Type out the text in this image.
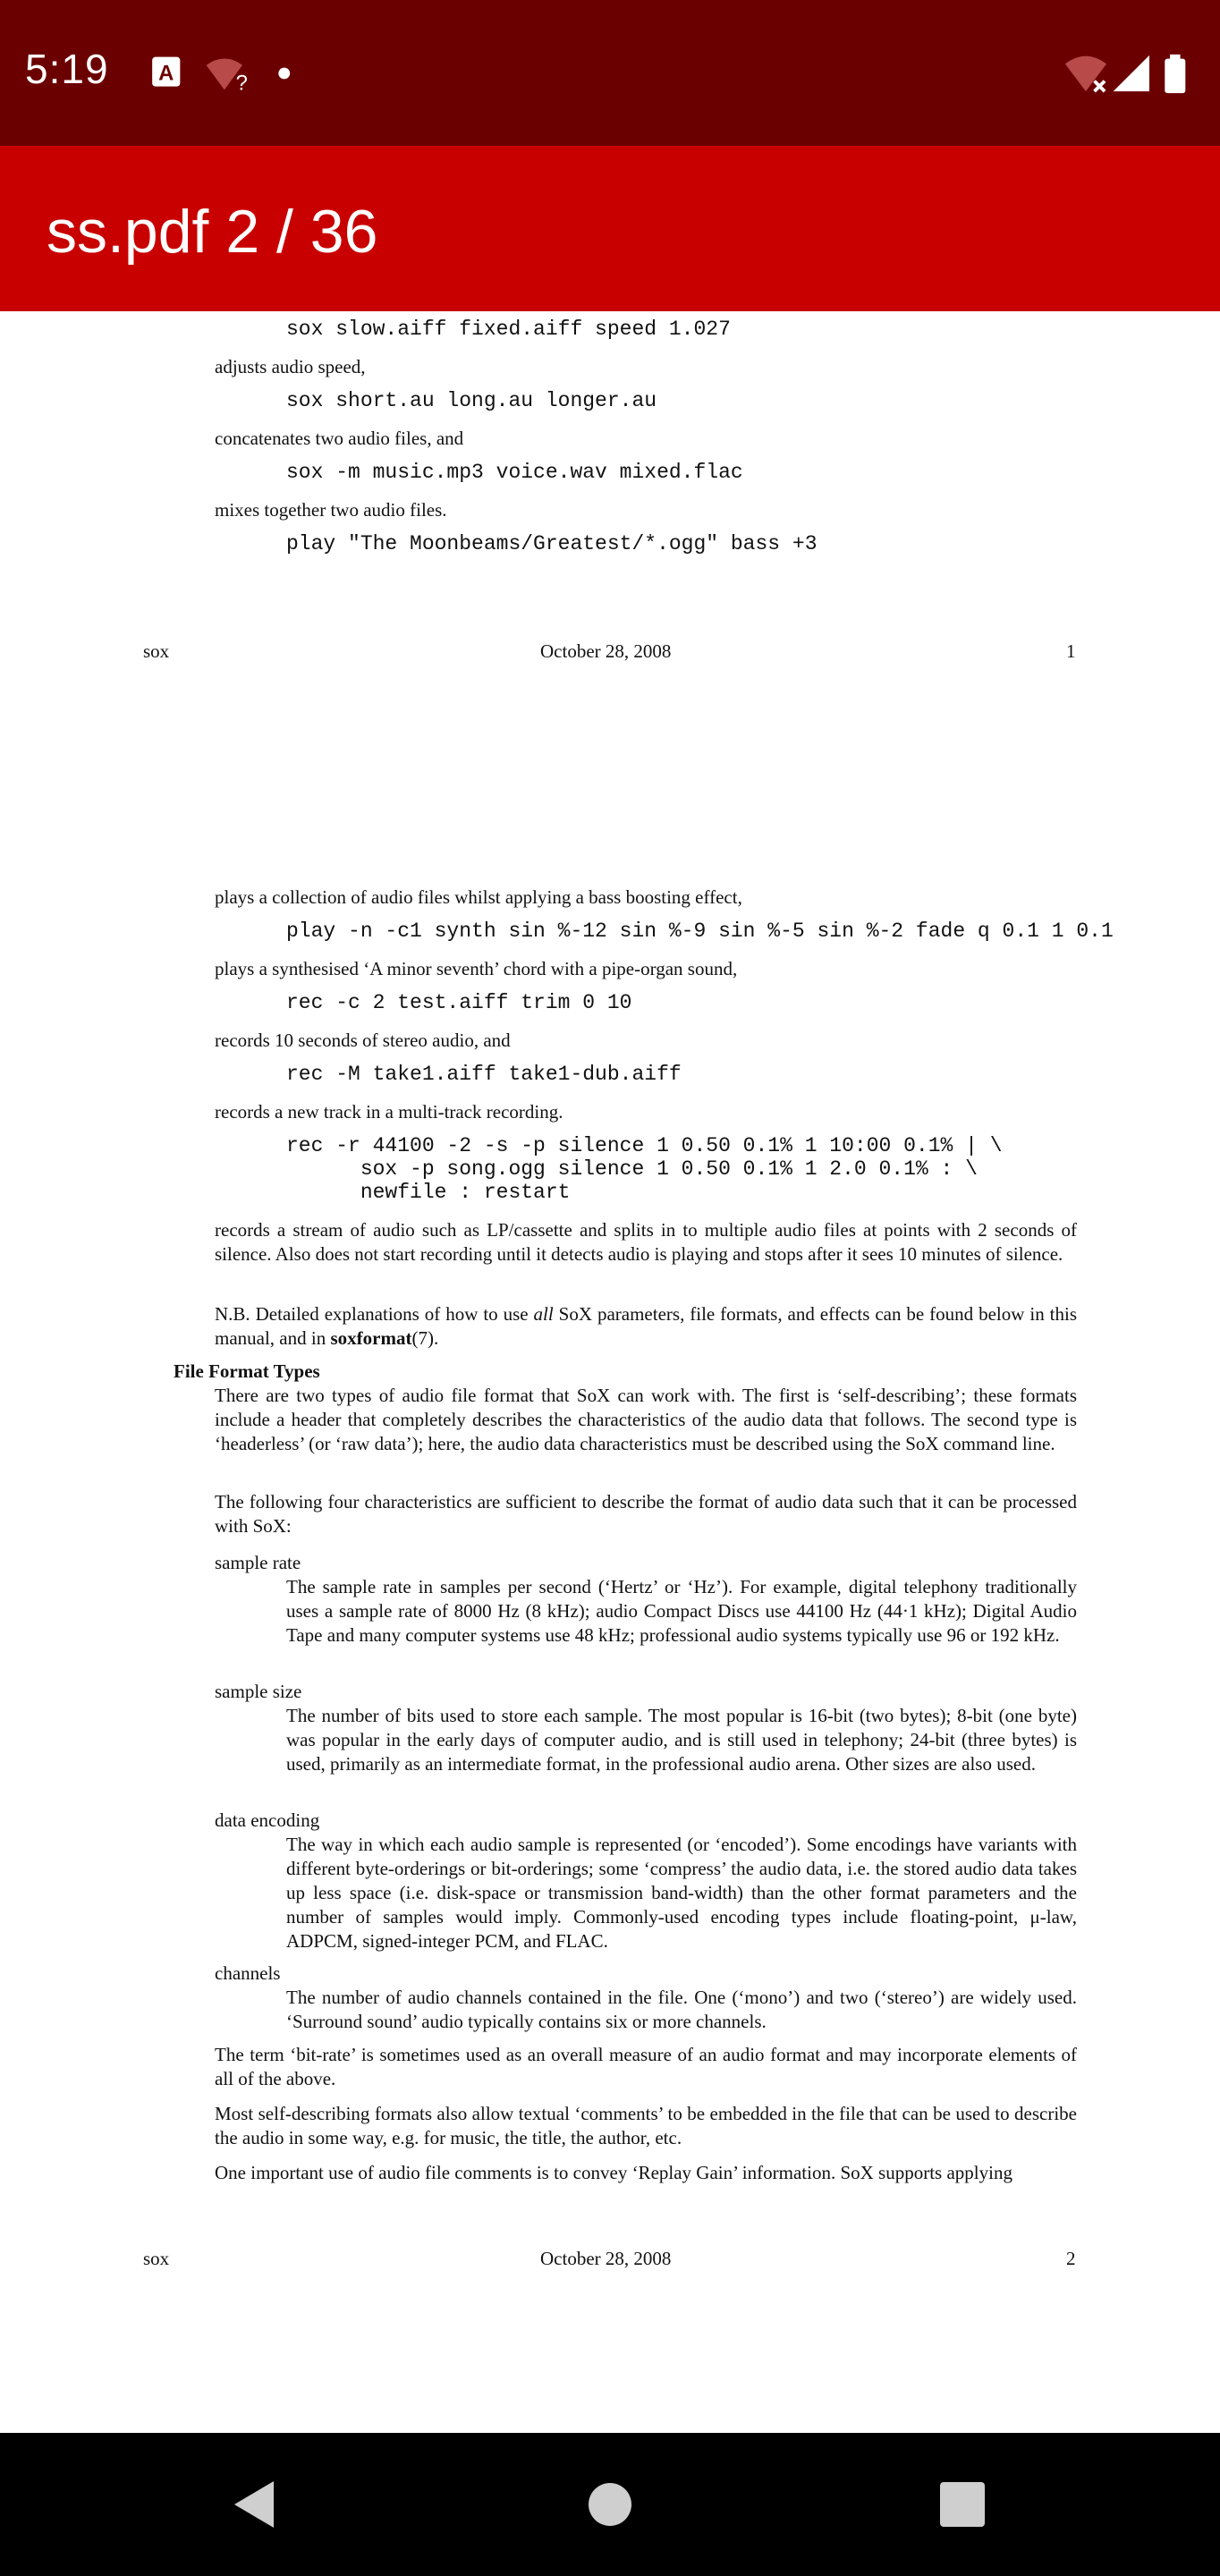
5:19 A	?
ss.pdf 2 / 36
sox slow.aiff fixed.aiff speed 1.027
adjusts audio speed,
sox short.au long.au longer.au
concatenates two audio files, and
sox -m music.mp3 voice.wav mixed.flac
mixes together two audio files.
play "The Moonbeams/Greatest/*.ogg" bass +3
sox	October 28, 2008	1
plays a collection of audio files whilst applying a bass boosting effect,
play -n -c1 synth sin %-12 sin %-9 sin %-5 sin %-2 fade q 0.1 1 0.1
plays a synthesised ‘A minor seventh’ chord with a pipe-organ sound,
rec -c 2 test.aiff trim 0 10
records 10 seconds of stereo audio, and
rec -M take1.aiff take1-dub.aiff
records a new track in a multi-track recording.
rec -r 44100 -2 -s -p silence 1 0.50 0.1% 1 10:00 0.1% | \
sox -p song.ogg silence 1 0.50 0.1% 1 2.0 0.1% : \
newfile : restart
records a stream of audio such as LP/cassette and splits in to multiple audio files at points with 2 seconds of silence. Also does not start recording until it detects audio is playing and stops after it sees 10 minutes of silence.
N.B. Detailed explanations of how to use all SoX parameters, file formats, and effects can be found below in this manual, and in soxformat(7).
File Format Types
There are two types of audio file format that SoX can work with. The first is ‘self-describing’; these formats include a header that completely describes the characteristics of the audio data that follows. The second type is ‘headerless’ (or ‘raw data’); here, the audio data characteristics must be described using the SoX command line.
The following four characteristics are sufficient to describe the format of audio data such that it can be processed with SoX:
sample rate
The sample rate in samples per second (‘Hertz’ or ‘Hz’). For example, digital telephony traditionally uses a sample rate of 8000 Hz (8 kHz); audio Compact Discs use 44100 Hz (44·1 kHz); Digital Audio Tape and many computer systems use 48 kHz; professional audio systems typically use 96 or 192 kHz.
sample size
The number of bits used to store each sample. The most popular is 16-bit (two bytes); 8-bit (one byte) was popular in the early days of computer audio, and is still used in telephony; 24-bit (three bytes) is used, primarily as an intermediate format, in the professional audio arena. Other sizes are also used.
data encoding
The way in which each audio sample is represented (or ‘encoded’). Some encodings have variants with different byte-orderings or bit-orderings; some ‘compress’ the audio data, i.e. the stored audio data takes up less space (i.e. disk-space or transmission band-width) than the other format parameters and the number of samples would imply. Commonly-used encoding types include floating-point, μ-law, ADPCM, signed-integer PCM, and FLAC.
channels
The number of audio channels contained in the file. One (‘mono’) and two (‘stereo’) are widely used. ‘Surround sound’ audio typically contains six or more channels.
The term ‘bit-rate’ is sometimes used as an overall measure of an audio format and may incorporate elements of all of the above.
Most self-describing formats also allow textual ‘comments’ to be embedded in the file that can be used to describe the audio in some way, e.g. for music, the title, the author, etc.
One important use of audio file comments is to convey ‘Replay Gain’ information. SoX supports applying
sox	October 28, 2008	2
